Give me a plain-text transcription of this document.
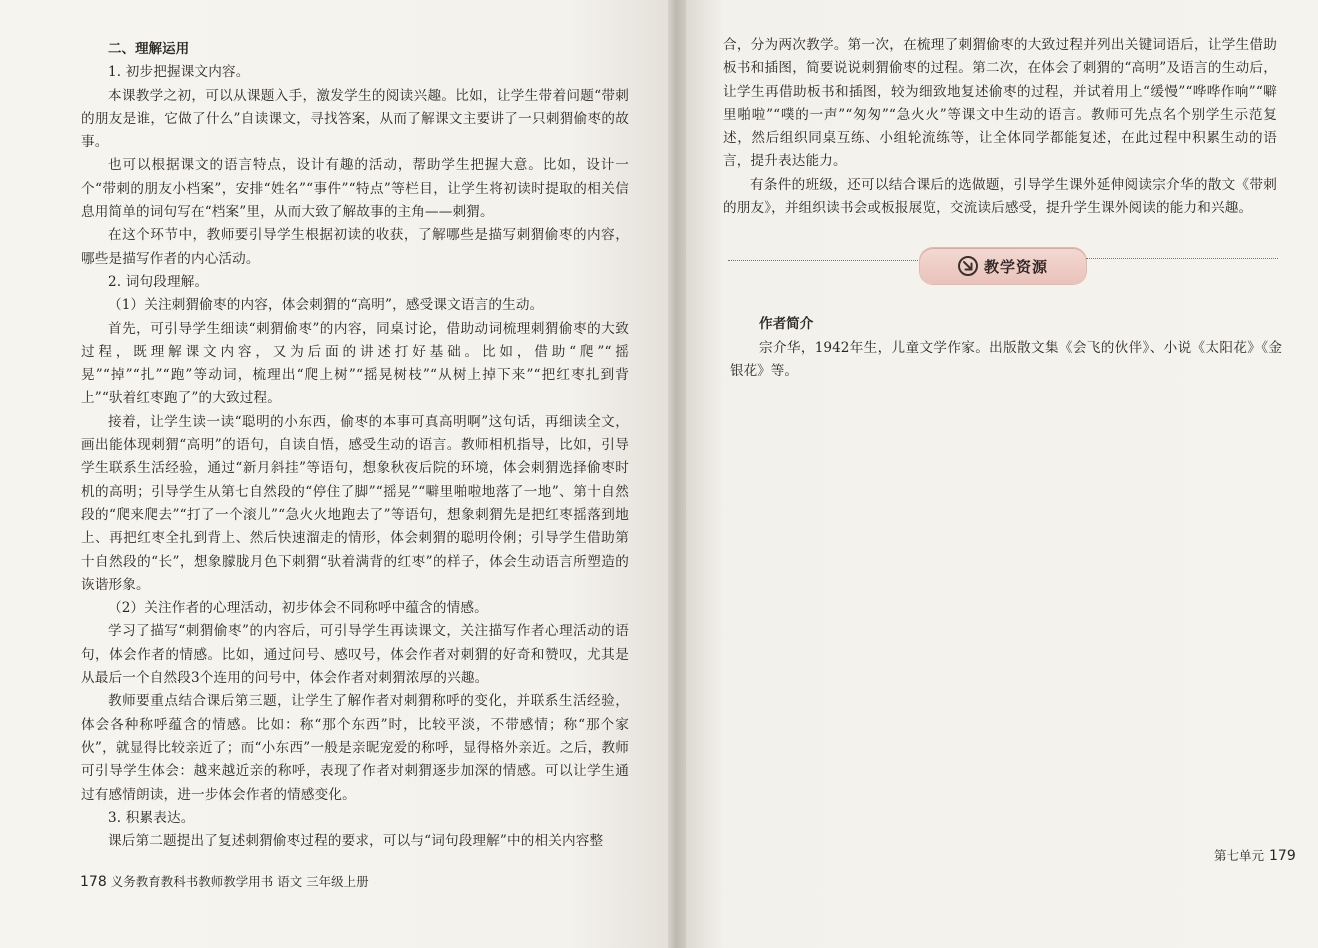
二、理解运用

1. 初步把握课文内容。

本课教学之初，可以从课题入手，激发学生的阅读兴趣。比如，让学生带着问题“带刺的朋友是谁，它做了什么”自读课文，寻找答案，从而了解课文主要讲了一只刺猬偷枣的故事。

也可以根据课文的语言特点，设计有趣的活动，帮助学生把握大意。比如，设计一个“带刺的朋友小档案”，安排“姓名”“事件”“特点”等栏目，让学生将初读时提取的相关信息用简单的词句写在“档案”里，从而大致了解故事的主角——刺猬。

在这个环节中，教师要引导学生根据初读的收获，了解哪些是描写刺猬偷枣的内容，哪些是描写作者的内心活动。

2. 词句段理解。

（1）关注刺猬偷枣的内容，体会刺猬的“高明”，感受课文语言的生动。

首先，可引导学生细读“刺猬偷枣”的内容，同桌讨论，借助动词梳理刺猬偷枣的大致过程，既理解课文内容，又为后面的讲述打好基础。比如，借助“爬”“摇晃”“掉”“扎”“跑”等动词，梳理出“爬上树”“摇晃树枝”“从树上掉下来”“把红枣扎到背上”“驮着红枣跑了”的大致过程。

接着，让学生读一读“聪明的小东西，偷枣的本事可真高明啊”这句话，再细读全文，画出能体现刺猬“高明”的语句，自读自悟，感受生动的语言。教师相机指导，比如，引导学生联系生活经验，通过“新月斜挂”等语句，想象秋夜后院的环境，体会刺猬选择偷枣时机的高明；引导学生从第七自然段的“停住了脚”“摇晃”“噼里啪啦地落了一地”、第十自然段的“爬来爬去”“打了一个滚儿”“急火火地跑去了”等语句，想象刺猬先是把红枣摇落到地上、再把红枣全扎到背上、然后快速溜走的情形，体会刺猬的聪明伶俐；引导学生借助第十自然段的“长”，想象朦胧月色下刺猬“驮着满背的红枣”的样子，体会生动语言所塑造的诙谐形象。

（2）关注作者的心理活动，初步体会不同称呼中蕴含的情感。

学习了描写“刺猬偷枣”的内容后，可引导学生再读课文，关注描写作者心理活动的语句，体会作者的情感。比如，通过问号、感叹号，体会作者对刺猬的好奇和赞叹，尤其是从最后一个自然段3个连用的问号中，体会作者对刺猬浓厚的兴趣。

教师要重点结合课后第三题，让学生了解作者对刺猬称呼的变化，并联系生活经验，体会各种称呼蕴含的情感。比如：称“那个东西”时，比较平淡，不带感情；称“那个家伙”，就显得比较亲近了；而“小东西”一般是亲昵宠爱的称呼，显得格外亲近。之后，教师可引导学生体会：越来越近亲的称呼，表现了作者对刺猬逐步加深的情感。可以让学生通过有感情朗读，进一步体会作者的情感变化。

3. 积累表达。

课后第二题提出了复述刺猬偷枣过程的要求，可以与“词句段理解”中的相关内容整

178 义务教育教科书教师教学用书 语文 三年级上册

合，分为两次教学。第一次，在梳理了刺猬偷枣的大致过程并列出关键词语后，让学生借助板书和插图，简要说说刺猬偷枣的过程。第二次，在体会了刺猬的“高明”及语言的生动后，让学生再借助板书和插图，较为细致地复述偷枣的过程，并试着用上“缓慢”“哗哗作响”“噼里啪啦”“噗的一声”“匆匆”“急火火”等课文中生动的语言。教师可先点名个别学生示范复述，然后组织同桌互练、小组轮流练等，让全体同学都能复述，在此过程中积累生动的语言，提升表达能力。

有条件的班级，还可以结合课后的选做题，引导学生课外延伸阅读宗介华的散文《带刺的朋友》，并组织读书会或板报展览，交流读后感受，提升学生课外阅读的能力和兴趣。

教学资源
作者简介

宗介华，1942年生，儿童文学作家。出版散文集《会飞的伙伴》、小说《太阳花》《金银花》等。

第七单元 179
